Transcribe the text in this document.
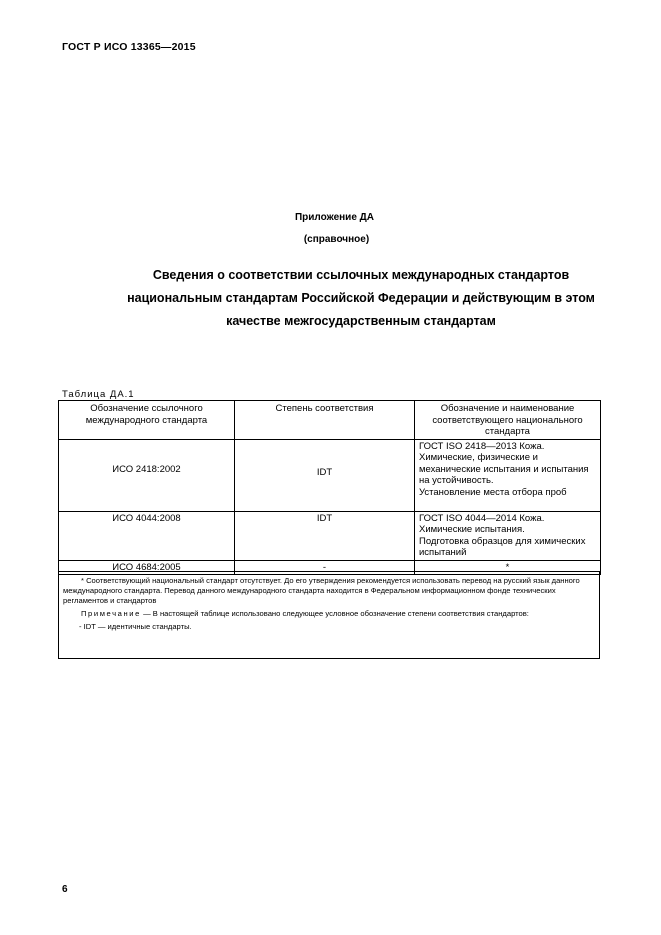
ГОСТ Р ИСО 13365—2015
Приложение ДА
(справочное)
Сведения о соответствии ссылочных международных стандартов национальным стандартам Российской Федерации и действующим в этом качестве межгосударственным стандартам
Таблица ДА.1
Обозначение ссылочного международного стандарта	Степень соответствия	Обозначение и наименование соответствующего национального стандарта
ИСО 2418:2002	IDT	ГОСТ ISO 2418—2013 Кожа.
Химические, физические и механические испытания и испытания на устойчивость.
Установление места отбора проб

ИСО 4044:2008	IDT	ГОСТ ISO 4044—2014 Кожа.
Химические испытания.
Подготовка образцов для химических испытаний

ИСО 4684:2005	-	*

* Соответствующий национальный стандарт отсутствует. До его утверждения рекомендуется использовать перевод на русский язык данного международного стандарта. Перевод данного международного стандарта находится в Федеральном информационном фонде технических регламентов и стандартов

Примечание — В настоящей таблице использовано следующее условное обозначение степени соответствия стандартов:

- IDT — идентичные стандарты.

6
